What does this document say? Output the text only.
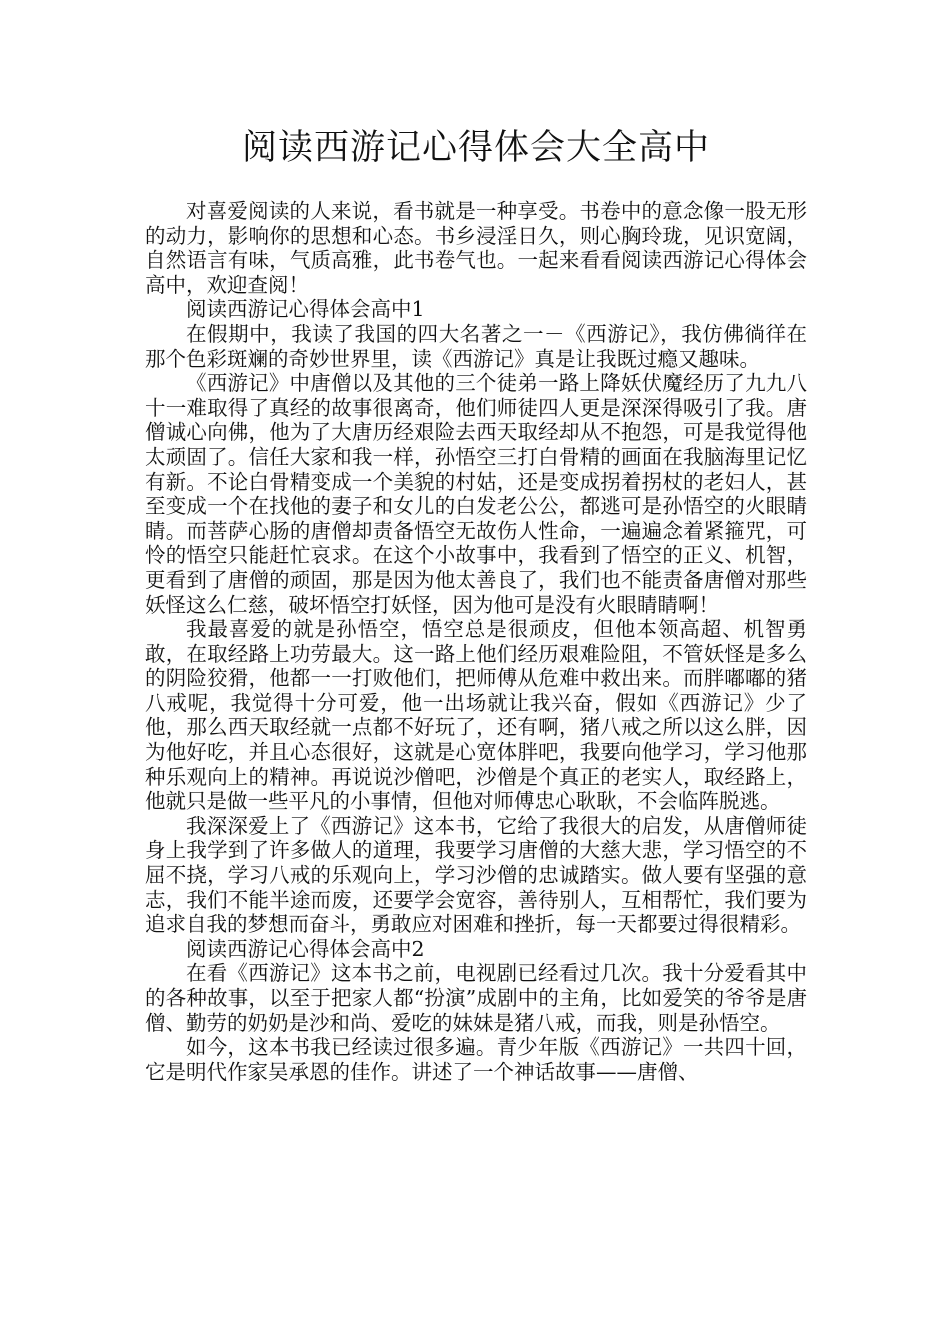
阅读西游记心得体会大全高中

对喜爱阅读的人来说，看书就是一种享受。书卷中的意念像一股无形的动力，影响你的思想和心态。书乡浸淫日久，则心胸玲珑，见识宽阔，自然语言有味，气质高雅，此书卷气也。一起来看看阅读西游记心得体会高中，欢迎查阅！

阅读西游记心得体会高中1

在假期中，我读了我国的四大名著之一－《西游记》，我仿佛徜徉在那个色彩斑斓的奇妙世界里，读《西游记》真是让我既过瘾又趣味。

《西游记》中唐僧以及其他的三个徒弟一路上降妖伏魔经历了九九八十一难取得了真经的故事很离奇，他们师徒四人更是深深得吸引了我。唐僧诚心向佛，他为了大唐历经艰险去西天取经却从不抱怨，可是我觉得他太顽固了。信任大家和我一样，孙悟空三打白骨精的画面在我脑海里记忆有新。不论白骨精变成一个美貌的村姑，还是变成拐着拐杖的老妇人，甚至变成一个在找他的妻子和女儿的白发老公公，都逃可是孙悟空的火眼睛睛。而菩萨心肠的唐僧却责备悟空无故伤人性命，一遍遍念着紧箍咒，可怜的悟空只能赶忙哀求。在这个小故事中，我看到了悟空的正义、机智，更看到了唐僧的顽固，那是因为他太善良了，我们也不能责备唐僧对那些妖怪这么仁慈，破坏悟空打妖怪，因为他可是没有火眼睛睛啊！

我最喜爱的就是孙悟空，悟空总是很顽皮，但他本领高超、机智勇敢，在取经路上功劳最大。这一路上他们经历艰难险阻，不管妖怪是多么的阴险狡猾，他都一一打败他们，把师傅从危难中救出来。而胖嘟嘟的猪八戒呢，我觉得十分可爱，他一出场就让我兴奋，假如《西游记》少了他，那么西天取经就一点都不好玩了，还有啊，猪八戒之所以这么胖，因为他好吃，并且心态很好，这就是心宽体胖吧，我要向他学习，学习他那种乐观向上的精神。再说说沙僧吧，沙僧是个真正的老实人，取经路上，他就只是做一些平凡的小事情，但他对师傅忠心耿耿，不会临阵脱逃。

我深深爱上了《西游记》这本书，它给了我很大的启发，从唐僧师徒身上我学到了许多做人的道理，我要学习唐僧的大慈大悲，学习悟空的不屈不挠，学习八戒的乐观向上，学习沙僧的忠诚踏实。做人要有坚强的意志，我们不能半途而废，还要学会宽容，善待别人，互相帮忙，我们要为追求自我的梦想而奋斗，勇敢应对困难和挫折，每一天都要过得很精彩。

阅读西游记心得体会高中2

在看《西游记》这本书之前，电视剧已经看过几次。我十分爱看其中的各种故事，以至于把家人都“扮演”成剧中的主角，比如爱笑的爷爷是唐僧、勤劳的奶奶是沙和尚、爱吃的妹妹是猪八戒，而我，则是孙悟空。

如今，这本书我已经读过很多遍。青少年版《西游记》一共四十回，它是明代作家吴承恩的佳作。讲述了一个神话故事——唐僧、
